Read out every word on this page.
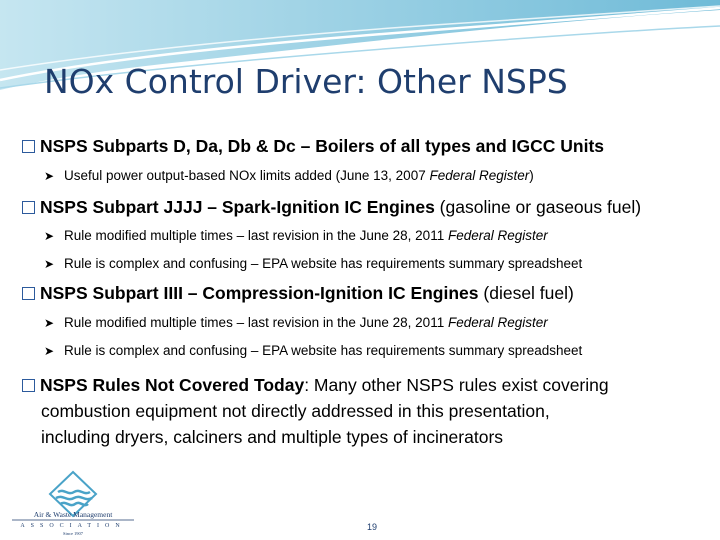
NOx Control Driver: Other NSPS
NSPS Subparts D, Da, Db & Dc – Boilers of all types and IGCC Units
➤ Useful power output-based NOx limits added (June 13, 2007 Federal Register)
NSPS Subpart JJJJ – Spark-Ignition IC Engines (gasoline or gaseous fuel)
➤ Rule modified multiple times – last revision in the June 28, 2011 Federal Register
➤ Rule is complex and confusing – EPA website has requirements summary spreadsheet
NSPS Subpart IIII – Compression-Ignition IC Engines (diesel fuel)
➤ Rule modified multiple times – last revision in the June 28, 2011 Federal Register
➤ Rule is complex and confusing – EPA website has requirements summary spreadsheet
NSPS Rules Not Covered Today: Many other NSPS rules exist covering
combustion equipment not directly addressed in this presentation,
including dryers, calciners and multiple types of incinerators
Air & Waste Management
ASSOCIATION
Since 1907
19
